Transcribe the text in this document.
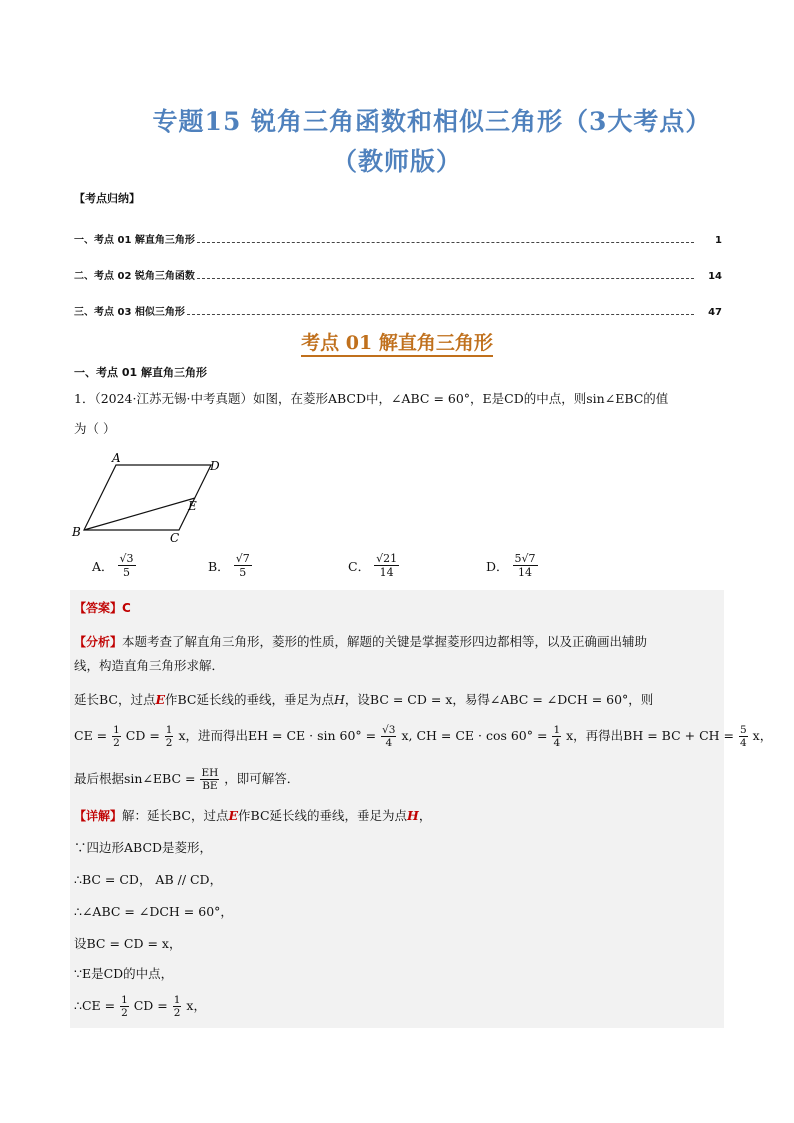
专题15 锐角三角函数和相似三角形（3大考点）
（教师版）
【考点归纳】
一、考点 01 解直角三角形	1
二、考点 02 锐角三角函数	14
三、考点 03 相似三角形	47
考点 01 解直角三角形
一、考点 01 解直角三角形
1．（2024·江苏无锡·中考真题）如图，在菱形ABCD中，∠ABC = 60°，E是CD的中点，则sin∠EBC的值
为（ ）
A
D
E
B	C
A． $\frac{√3}{5}$	B． $\frac{√7}{5}$	C． $\frac{√21}{14}$	D． $\frac{5√7}{14}$
【答案】C
【分析】本题考查了解直角三角形，菱形的性质，解题的关键是掌握菱形四边都相等，以及正确画出辅助
线，构造直角三角形求解．
延长BC，过点E作BC延长线的垂线，垂足为点H，设BC = CD = x，易得∠ABC = ∠DCH = 60°，则
CE = $\frac{1}{2}$ CD = $\frac{1}{2}$ x，进而得出EH = CE · $\sin 60^\circ = \frac{√3}{4} x$, CH = CE · $\cos 60^\circ = \frac{1}{4}$ x，再得出BH = BC + CH = $\frac{5}{4}$ x，
最后根据sin∠EBC = $\frac{EH}{BE}$ ，即可解答．
【详解】解：延长BC，过点E作BC延长线的垂线，垂足为点H，
∵四边形ABCD是菱形，
∴BC = CD， AB // CD，
∴∠ABC = ∠DCH = 60°，
设BC = CD = x，
∵E是CD的中点，
∴CE = $\frac{1}{2}$ CD = $\frac{1}{2}$ x，
